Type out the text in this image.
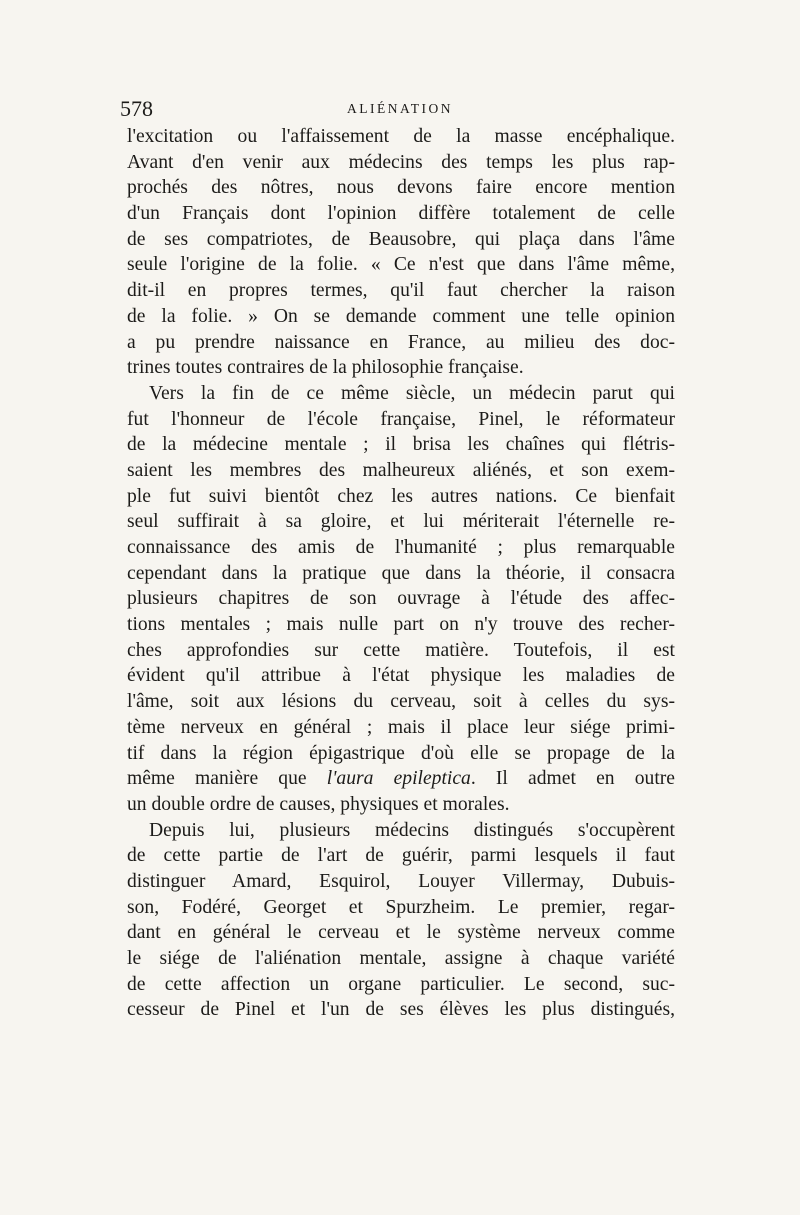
578	ALIÉNATION
l'excitation ou l'affaissement de la masse encéphalique.
Avant d'en venir aux médecins des temps les plus rap-
prochés des nôtres, nous devons faire encore mention
d'un Français dont l'opinion diffère totalement de celle
de ses compatriotes, de Beausobre, qui plaça dans l'âme
seule l'origine de la folie. « Ce n'est que dans l'âme même,
dit-il en propres termes, qu'il faut chercher la raison
de la folie. » On se demande comment une telle opinion
a pu prendre naissance en France, au milieu des doc-
trines toutes contraires de la philosophie française.
Vers la fin de ce même siècle, un médecin parut qui
fut l'honneur de l'école française, Pinel, le réformateur
de la médecine mentale ; il brisa les chaînes qui flétris-
saient les membres des malheureux aliénés, et son exem-
ple fut suivi bientôt chez les autres nations. Ce bienfait
seul suffirait à sa gloire, et lui mériterait l'éternelle re-
connaissance des amis de l'humanité ; plus remarquable
cependant dans la pratique que dans la théorie, il consacra
plusieurs chapitres de son ouvrage à l'étude des affec-
tions mentales ; mais nulle part on n'y trouve des recher-
ches approfondies sur cette matière. Toutefois, il est
évident qu'il attribue à l'état physique les maladies de
l'âme, soit aux lésions du cerveau, soit à celles du sys-
tème nerveux en général ; mais il place leur siége primi-
tif dans la région épigastrique d'où elle se propage de la
même manière que l'aura epileptica. Il admet en outre
un double ordre de causes, physiques et morales.
Depuis lui, plusieurs médecins distingués s'occupèrent
de cette partie de l'art de guérir, parmi lesquels il faut
distinguer Amard, Esquirol, Louyer Villermay, Dubuis-
son, Fodéré, Georget et Spurzheim. Le premier, regar-
dant en général le cerveau et le système nerveux comme
le siége de l'aliénation mentale, assigne à chaque variété
de cette affection un organe particulier. Le second, suc-
cesseur de Pinel et l'un de ses élèves les plus distingués,
